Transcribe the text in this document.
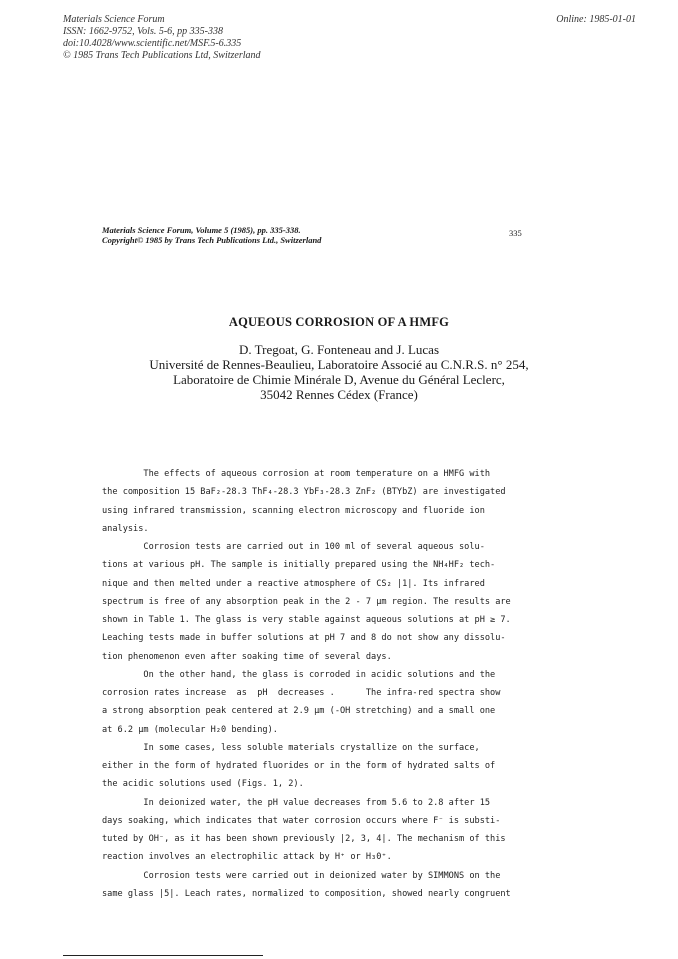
Materials Science Forum
ISSN: 1662-9752, Vols. 5-6, pp 335-338
doi:10.4028/www.scientific.net/MSF.5-6.335
© 1985 Trans Tech Publications Ltd, Switzerland
Online: 1985-01-01
Materials Science Forum, Volume 5 (1985), pp. 335-338.
Copyright© 1985 by Trans Tech Publications Ltd., Switzerland
335
AQUEOUS CORROSION OF A HMFG
D. Tregoat, G. Fonteneau and J. Lucas
Université de Rennes-Beaulieu, Laboratoire Associé au C.N.R.S. n° 254,
Laboratoire de Chimie Minérale D, Avenue du Général Leclerc,
35042 Rennes Cédex (France)
The effects of aqueous corrosion at room temperature on a HMFG with
the composition 15 BaF₂-28.3 ThF₄-28.3 YbF₃-28.3 ZnF₂ (BTYbZ) are investigated
using infrared transmission, scanning electron microscopy and fluoride ion
analysis.
Corrosion tests are carried out in 100 ml of several aqueous solu-
tions at various pH. The sample is initially prepared using the NH₄HF₂ tech-
nique and then melted under a reactive atmosphere of CS₂ |1|. Its infrared
spectrum is free of any absorption peak in the 2 - 7 µm region. The results are
shown in Table 1. The glass is very stable against aqueous solutions at pH ≥ 7.
Leaching tests made in buffer solutions at pH 7 and 8 do not show any dissolu-
tion phenomenon even after soaking time of several days.
On the other hand, the glass is corroded in acidic solutions and the
corrosion rates increase  as  pH  decreases .      The infra-red spectra show
a strong absorption peak centered at 2.9 µm (-OH stretching) and a small one
at 6.2 µm (molecular H₂0 bending).
In some cases, less soluble materials crystallize on the surface,
either in the form of hydrated fluorides or in the form of hydrated salts of
the acidic solutions used (Figs. 1, 2).
In deionized water, the pH value decreases from 5.6 to 2.8 after 15
days soaking, which indicates that water corrosion occurs where F⁻ is substi-
tuted by OH⁻, as it has been shown previously |2, 3, 4|. The mechanism of this
reaction involves an electrophilic attack by H⁺ or H₃0⁺.
Corrosion tests were carried out in deionized water by SIMMONS on the
same glass |5|. Leach rates, normalized to composition, showed nearly congruent
